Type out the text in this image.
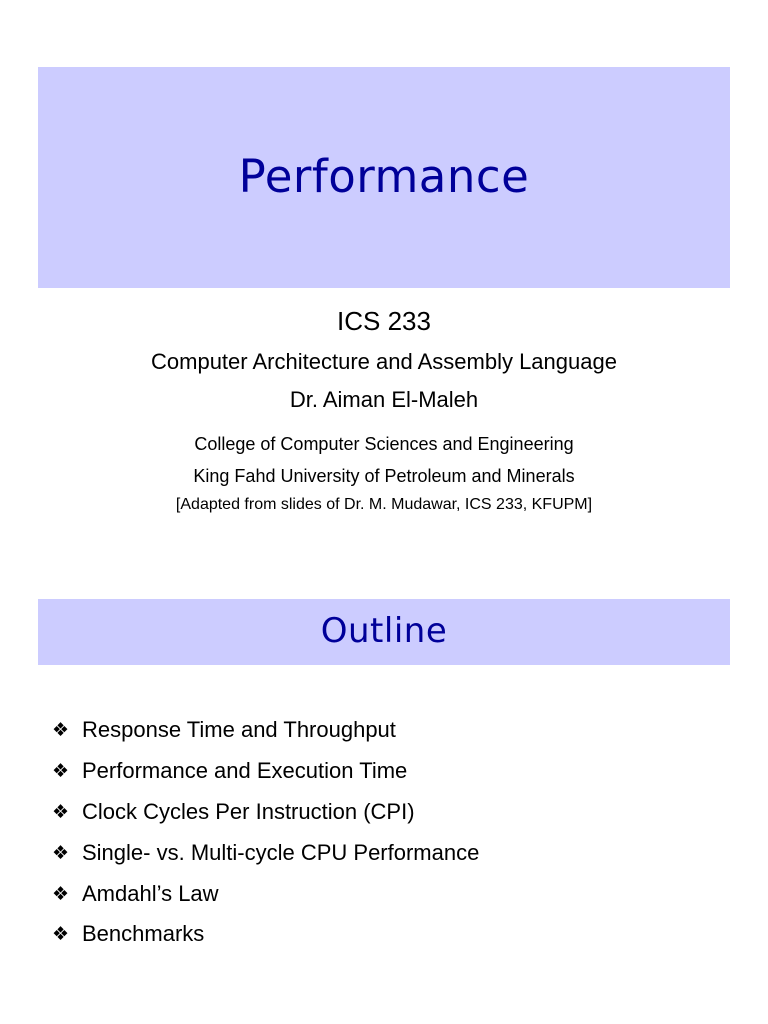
Performance
ICS 233
Computer Architecture and Assembly Language
Dr. Aiman El-Maleh
College of Computer Sciences and Engineering
King Fahd University of Petroleum and Minerals
[Adapted from slides of Dr. M. Mudawar, ICS 233, KFUPM]
Outline
❖ Response Time and Throughput
❖ Performance and Execution Time
❖ Clock Cycles Per Instruction (CPI)
❖ Single- vs. Multi-cycle CPU Performance
❖ Amdahl’s Law
❖ Benchmarks
